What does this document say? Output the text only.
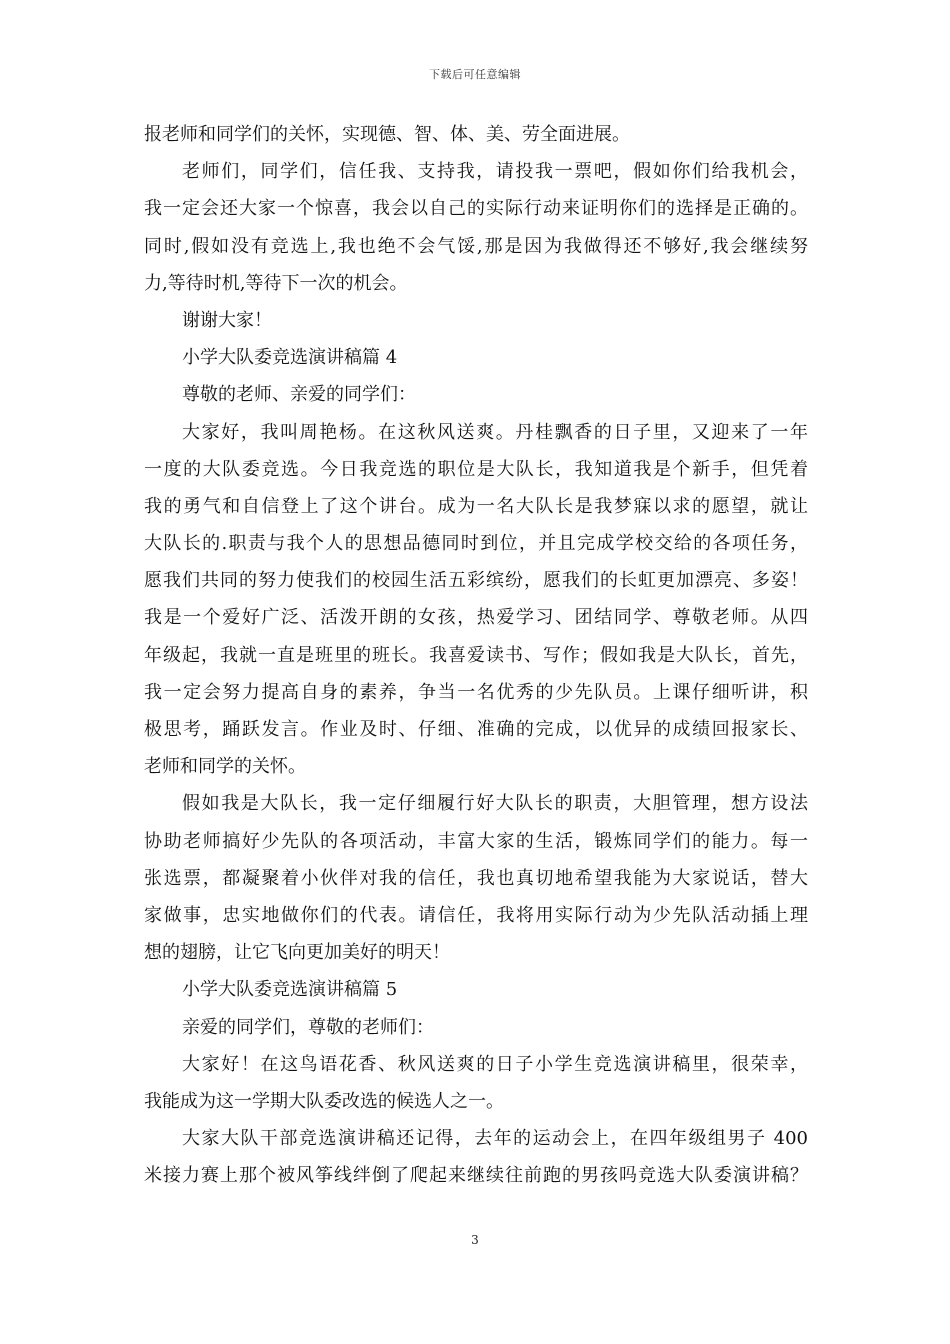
下载后可任意编辑
报老师和同学们的关怀，实现德、智、体、美、劳全面进展。
老师们，同学们，信任我、支持我，请投我一票吧，假如你们给我机会，
我一定会还大家一个惊喜，我会以自己的实际行动来证明你们的选择是正确的。
同时,假如没有竞选上,我也绝不会气馁,那是因为我做得还不够好,我会继续努
力,等待时机,等待下一次的机会。
谢谢大家！
小学大队委竞选演讲稿篇 4
尊敬的老师、亲爱的同学们：
大家好，我叫周艳杨。在这秋风送爽。丹桂飘香的日子里，又迎来了一年
一度的大队委竞选。今日我竞选的职位是大队长，我知道我是个新手，但凭着
我的勇气和自信登上了这个讲台。成为一名大队长是我梦寐以求的愿望，就让
大队长的.职责与我个人的思想品德同时到位，并且完成学校交给的各项任务，
愿我们共同的努力使我们的校园生活五彩缤纷，愿我们的长虹更加漂亮、多姿！
我是一个爱好广泛、活泼开朗的女孩，热爱学习、团结同学、尊敬老师。从四
年级起，我就一直是班里的班长。我喜爱读书、写作；假如我是大队长，首先，
我一定会努力提高自身的素养，争当一名优秀的少先队员。上课仔细听讲，积
极思考，踊跃发言。作业及时、仔细、准确的完成，以优异的成绩回报家长、
老师和同学的关怀。
假如我是大队长，我一定仔细履行好大队长的职责，大胆管理，想方设法
协助老师搞好少先队的各项活动，丰富大家的生活，锻炼同学们的能力。每一
张选票，都凝聚着小伙伴对我的信任，我也真切地希望我能为大家说话，替大
家做事，忠实地做你们的代表。请信任，我将用实际行动为少先队活动插上理
想的翅膀，让它飞向更加美好的明天！
小学大队委竞选演讲稿篇 5
亲爱的同学们，尊敬的老师们：
大家好！在这鸟语花香、秋风送爽的日子小学生竞选演讲稿里，很荣幸，
我能成为这一学期大队委改选的候选人之一。
大家大队干部竞选演讲稿还记得，去年的运动会上，在四年级组男子 400
米接力赛上那个被风筝线绊倒了爬起来继续往前跑的男孩吗竞选大队委演讲稿？
3
